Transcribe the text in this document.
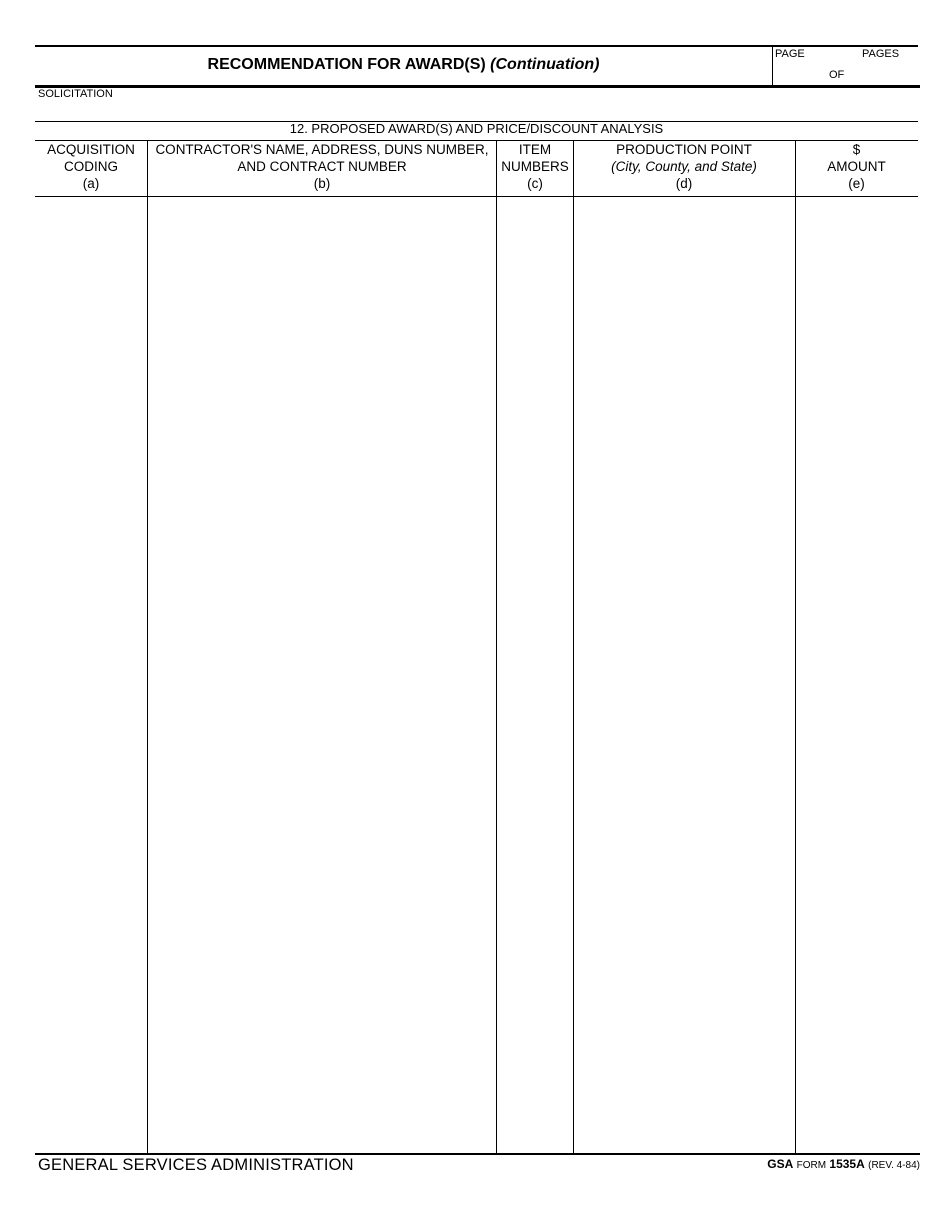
RECOMMENDATION FOR AWARD(S) (Continuation)
PAGE	PAGES
OF
SOLICITATION
12. PROPOSED AWARD(S) AND PRICE/DISCOUNT ANALYSIS
ACQUISITION
CODING
(a)
CONTRACTOR'S NAME, ADDRESS, DUNS NUMBER,
AND CONTRACT NUMBER
(b)
ITEM
NUMBERS
(c)
PRODUCTION POINT
(City, County, and State)
(d)
$
AMOUNT
(e)
GENERAL SERVICES ADMINISTRATION	GSA FORM 1535A (REV. 4-84)
